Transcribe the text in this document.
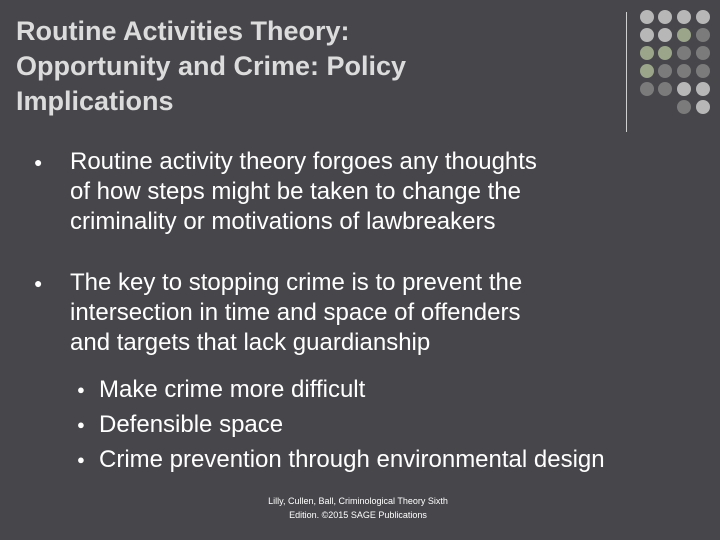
Routine Activities Theory:
Opportunity and Crime: Policy
Implications
● Routine activity theory forgoes any thoughts
of how steps might be taken to change the
criminality or motivations of lawbreakers
● The key to stopping crime is to prevent the
intersection in time and space of offenders
and targets that lack guardianship
● Make crime more difficult
● Defensible space
● Crime prevention through environmental design
Lilly, Cullen, Ball, Criminological Theory Sixth
Edition. ©2015 SAGE Publications
